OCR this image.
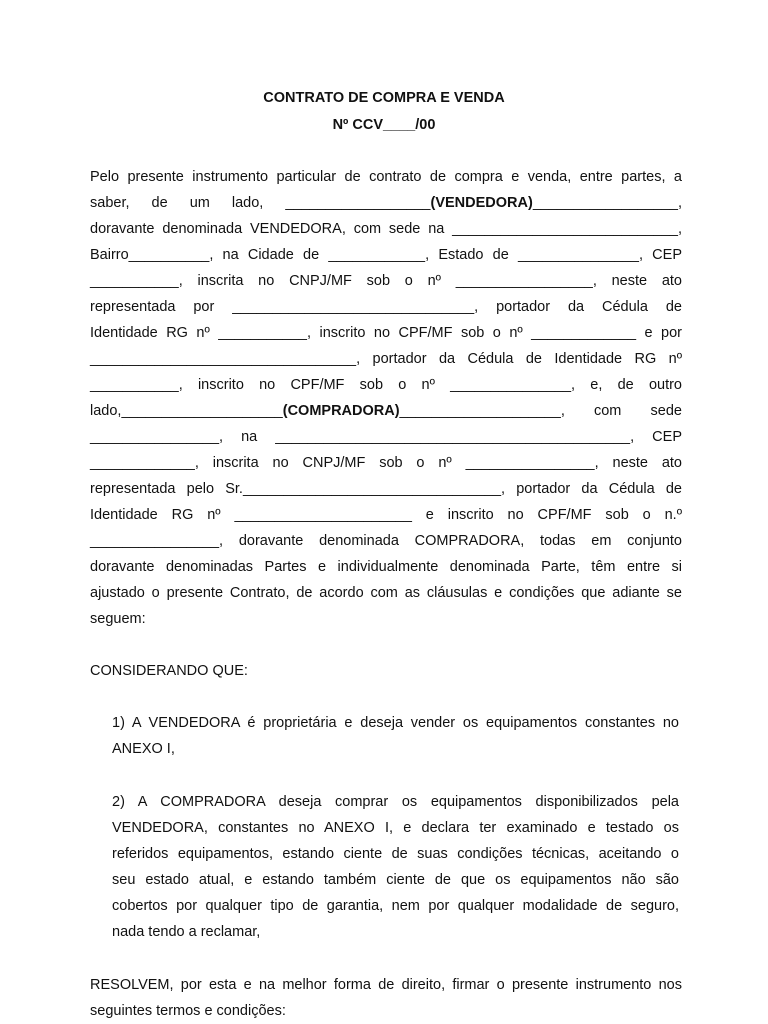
CONTRATO DE COMPRA E VENDA
Nº CCV____/00
Pelo presente instrumento particular de contrato de compra e venda, entre partes, a
saber, de um lado, __________________(VENDEDORA)__________________,
doravante denominada VENDEDORA, com sede na ____________________________,
Bairro__________, na Cidade de ____________, Estado de _______________, CEP
___________, inscrita no CNPJ/MF sob o nº _________________, neste ato
representada por ______________________________, portador da Cédula de
Identidade RG nº ___________, inscrito no CPF/MF sob o nº _____________ e por
_________________________________, portador da Cédula de Identidade RG nº
___________, inscrito no CPF/MF sob o nº _______________, e, de outro
lado,____________________(COMPRADORA)____________________, com sede
________________, na ____________________________________________, CEP
_____________, inscrita no CNPJ/MF sob o nº ________________, neste ato
representada pelo Sr.________________________________, portador da Cédula de
Identidade RG nº ______________________ e inscrito no CPF/MF sob o n.º
________________, doravante denominada COMPRADORA, todas em conjunto
doravante denominadas Partes e individualmente denominada Parte, têm entre si
ajustado o presente Contrato, de acordo com as cláusulas e condições que adiante se
seguem:
CONSIDERANDO QUE:
1) A VENDEDORA é proprietária e deseja vender os equipamentos constantes no
ANEXO I,
2) A COMPRADORA deseja comprar os equipamentos disponibilizados pela
VENDEDORA, constantes no ANEXO I, e declara ter examinado e testado os
referidos equipamentos, estando ciente de suas condições técnicas, aceitando o
seu estado atual, e estando também ciente de que os equipamentos não são
cobertos por qualquer tipo de garantia, nem por qualquer modalidade de seguro,
nada tendo a reclamar,
RESOLVEM, por esta e na melhor forma de direito, firmar o presente instrumento nos
seguintes termos e condições:
